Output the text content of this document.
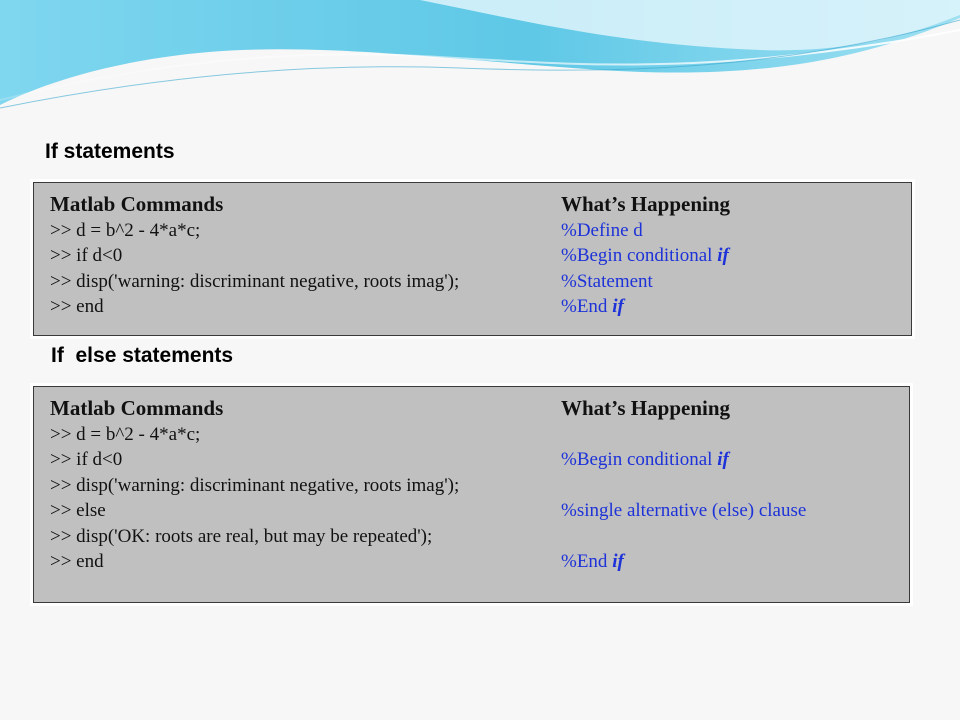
If statements
Matlab Commands
>> d = b^2 - 4*a*c;
>> if d<0
>> disp('warning: discriminant negative, roots imag');
>> end
What’s Happening
%Define d
%Begin conditional if
%Statement
%End if
If  else statements
Matlab Commands
>> d = b^2 - 4*a*c;
>> if d<0
>> disp('warning: discriminant negative, roots imag');
>> else
>> disp('OK: roots are real, but may be repeated');
>> end
What’s Happening
%Begin conditional if
%single alternative (else) clause
%End if
